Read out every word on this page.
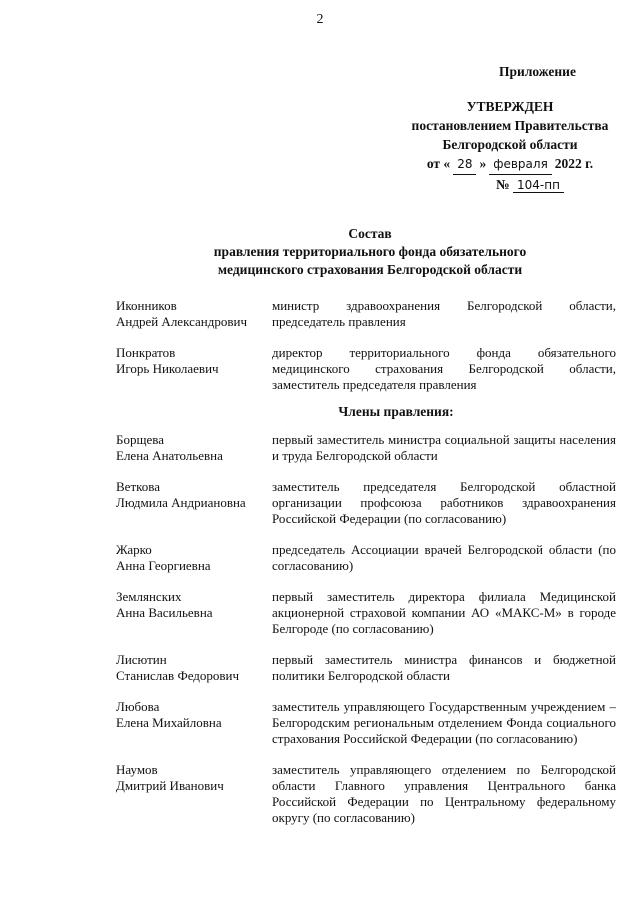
2
Приложение
УТВЕРЖДЕН
постановлением Правительства
Белгородской области
от « 28 » февраля 2022 г.
№ 104-пп
Состав
правления территориального фонда обязательного
медицинского страхования Белгородской области
Иконников
Андрей Александрович
министр здравоохранения Белгородской области, председатель правления
Понкратов
Игорь Николаевич
директор территориального фонда обязательного медицинского страхования Белгородской области, заместитель председателя правления
Члены правления:
Борщева
Елена Анатольевна
первый заместитель министра социальной защиты населения и труда Белгородской области
Веткова
Людмила Андриановна
заместитель председателя Белгородской областной организации профсоюза работников здравоохранения Российской Федерации (по согласованию)
Жарко
Анна Георгиевна
председатель Ассоциации врачей Белгородской области (по согласованию)
Землянских
Анна Васильевна
первый заместитель директора филиала Медицинской акционерной страховой компании АО «МАКС-М» в городе Белгороде (по согласованию)
Лисютин
Станислав Федорович
первый заместитель министра финансов и бюджетной политики Белгородской области
Любова
Елена Михайловна
заместитель управляющего Государственным учреждением – Белгородским региональным отделением Фонда социального страхования Российской Федерации (по согласованию)
Наумов
Дмитрий Иванович
заместитель управляющего отделением по Белгородской области Главного управления Центрального банка Российской Федерации по Центральному федеральному округу (по согласованию)
